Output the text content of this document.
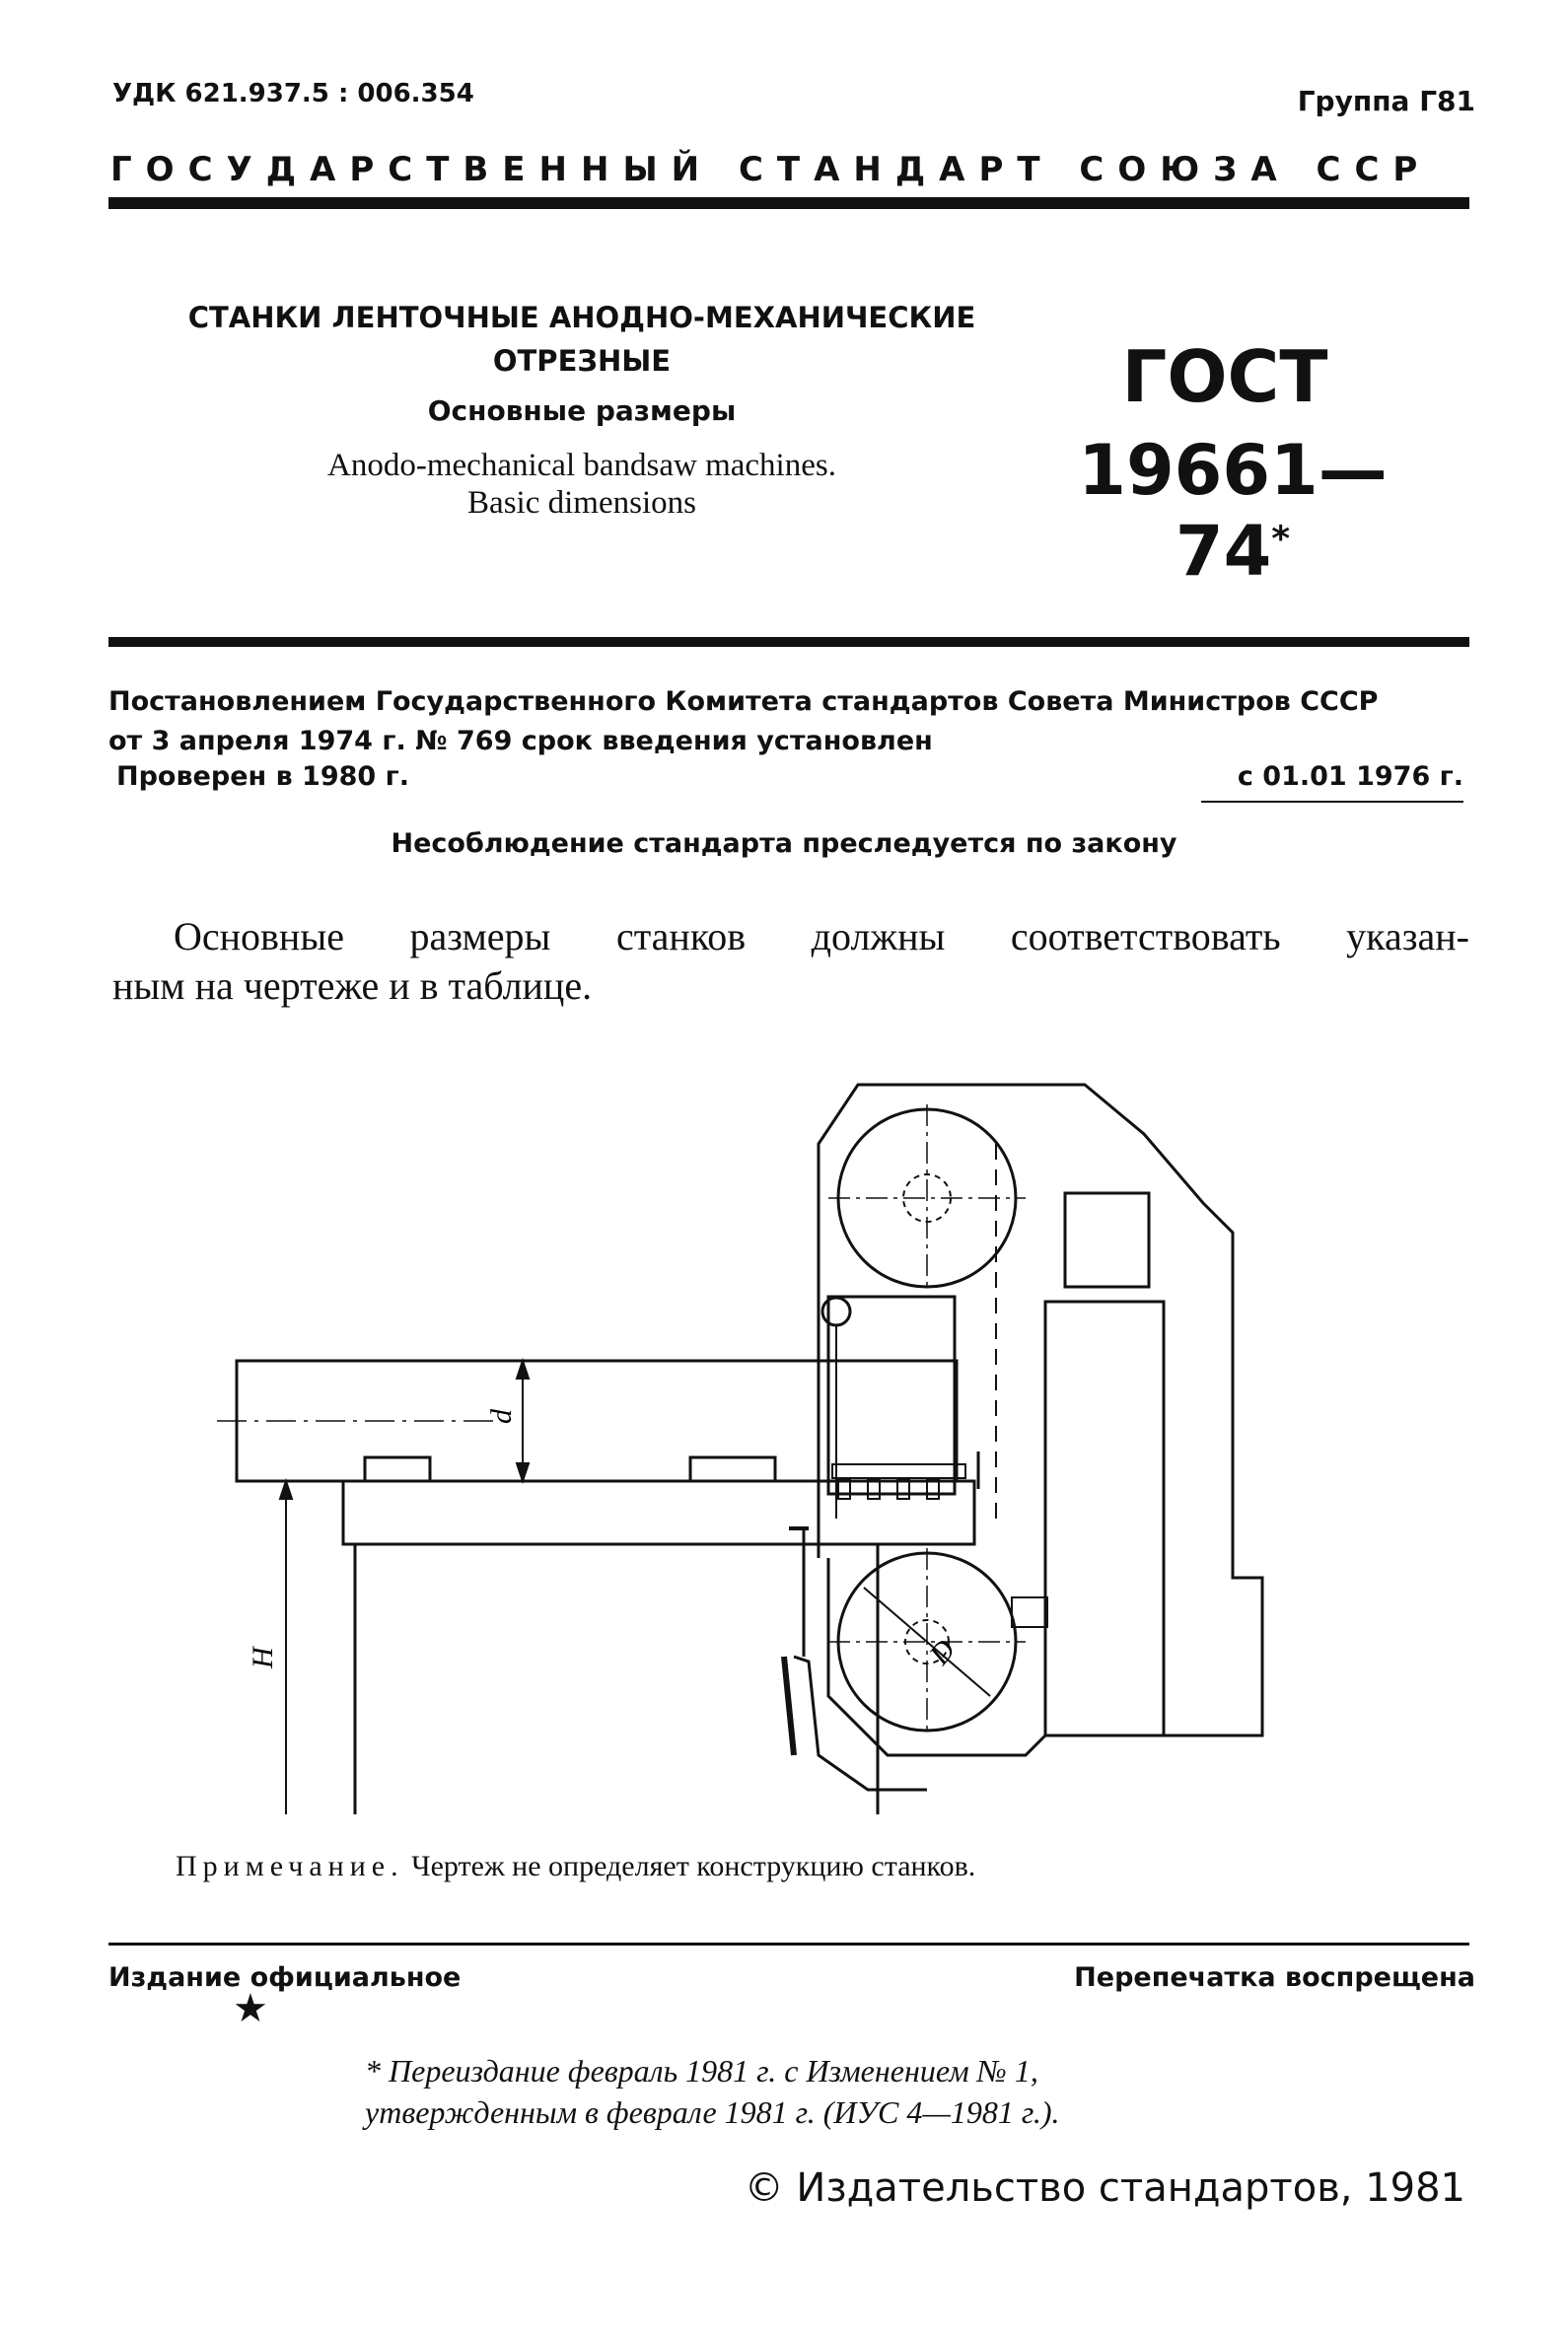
УДК 621.937.5 : 006.354	Группа Г81
ГОСУДАРСТВЕННЫЙ СТАНДАРТ СОЮЗА ССР
СТАНКИ ЛЕНТОЧНЫЕ АНОДНО-МЕХАНИЧЕСКИЕ
ОТРЕЗНЫЕ
Основные размеры
Anodo-mechanical bandsaw machines.
Basic dimensions
ГОСТ
19661—74*
Постановлением Государственного Комитета стандартов Совета Министров СССР
от 3 апреля 1974 г. № 769 срок введения установлен
Проверен в 1980 г.	с 01.01 1976 г.
Несоблюдение стандарта преследуется по закону
Основные размеры станков должны соответствовать указан-
ным на чертеже и в таблице.
d
H	D
Примечание. Чертеж не определяет конструкцию станков.
Издание официальное	Перепечатка воспрещена
★
* Переиздание февраль 1981 г. с Изменением № 1,
утвержденным в феврале 1981 г. (ИУС 4—1981 г.).
© Издательство стандартов, 1981
